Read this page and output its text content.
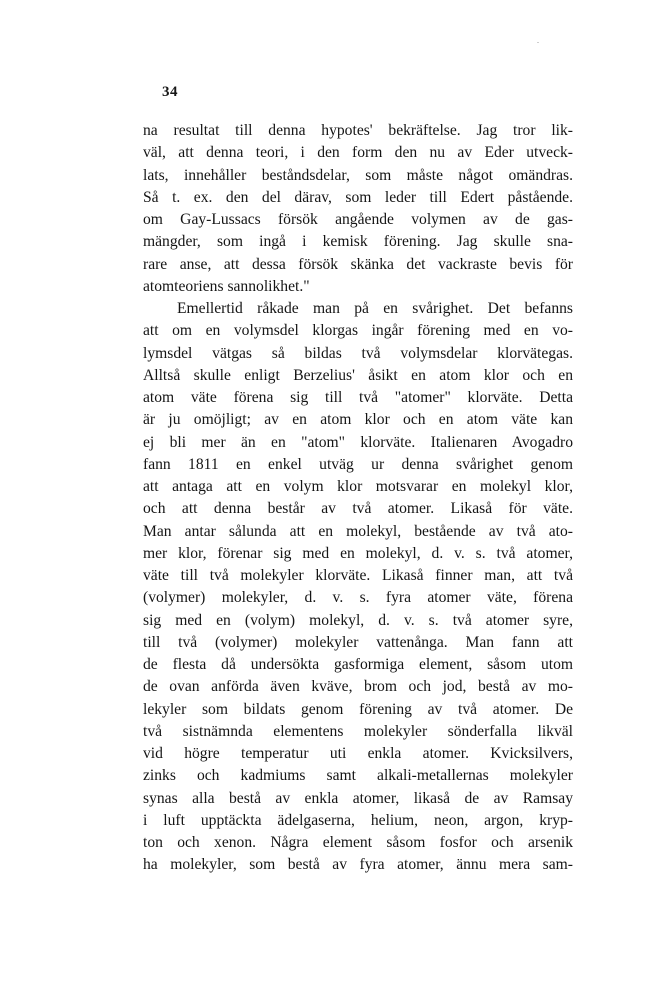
34
na resultat till denna hypotes' bekräftelse. Jag tror lik-
väl, att denna teori, i den form den nu av Eder utveck-
lats, innehåller beståndsdelar, som måste något omändras.
Så t. ex. den del därav, som leder till Edert påstående.
om Gay-Lussacs försök angående volymen av de gas-
mängder, som ingå i kemisk förening. Jag skulle sna-
rare anse, att dessa försök skänka det vackraste bevis för
atomteoriens sannolikhet."
Emellertid råkade man på en svårighet. Det befanns
att om en volymsdel klorgas ingår förening med en vo-
lymsdel vätgas så bildas två volymsdelar klorvätegas.
Alltså skulle enligt Berzelius' åsikt en atom klor och en
atom väte förena sig till två "atomer" klorväte. Detta
är ju omöjligt; av en atom klor och en atom väte kan
ej bli mer än en "atom" klorväte. Italienaren Avogadro
fann 1811 en enkel utväg ur denna svårighet genom
att antaga att en volym klor motsvarar en molekyl klor,
och att denna består av två atomer. Likaså för väte.
Man antar sålunda att en molekyl, bestående av två ato-
mer klor, förenar sig med en molekyl, d. v. s. två atomer,
väte till två molekyler klorväte. Likaså finner man, att två
(volymer) molekyler, d. v. s. fyra atomer väte, förena
sig med en (volym) molekyl, d. v. s. två atomer syre,
till två (volymer) molekyler vattenånga. Man fann att
de flesta då undersökta gasformiga element, såsom utom
de ovan anförda även kväve, brom och jod, bestå av mo-
lekyler som bildats genom förening av två atomer. De
två sistnämnda elementens molekyler sönderfalla likväl
vid högre temperatur uti enkla atomer. Kvicksilvers,
zinks och kadmiums samt alkali-metallernas molekyler
synas alla bestå av enkla atomer, likaså de av Ramsay
i luft upptäckta ädelgaserna, helium, neon, argon, kryp-
ton och xenon. Några element såsom fosfor och arsenik
ha molekyler, som bestå av fyra atomer, ännu mera sam-
